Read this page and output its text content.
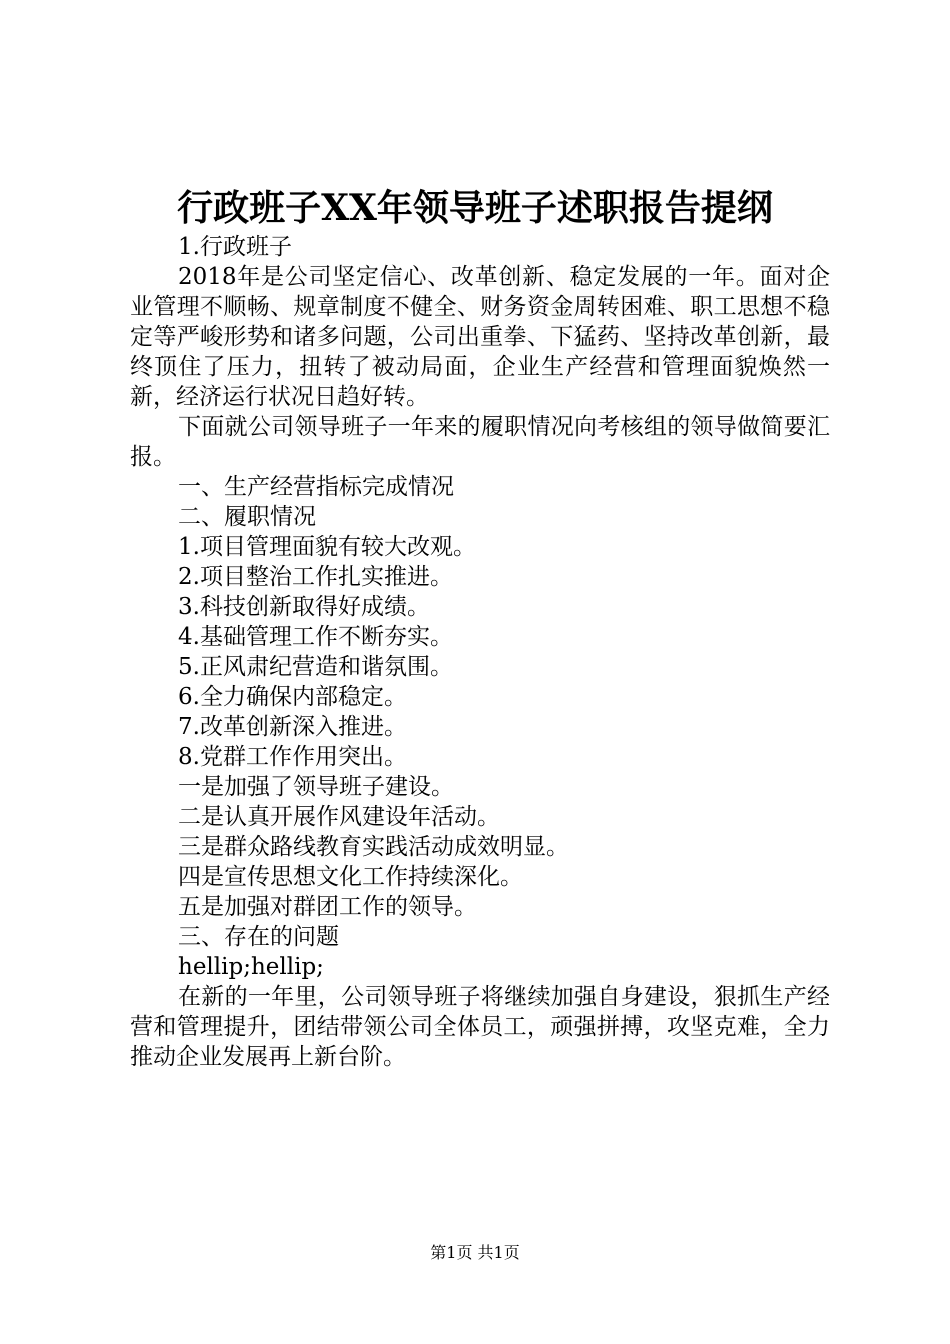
行政班子XX年领导班子述职报告提纲

1.行政班子

2018年是公司坚定信心、改革创新、稳定发展的一年。面对企业管理不顺畅、规章制度不健全、财务资金周转困难、职工思想不稳定等严峻形势和诸多问题，公司出重拳、下猛药、坚持改革创新，最终顶住了压力，扭转了被动局面，企业生产经营和管理面貌焕然一新，经济运行状况日趋好转。

下面就公司领导班子一年来的履职情况向考核组的领导做简要汇报。

一、生产经营指标完成情况

二、履职情况

1.项目管理面貌有较大改观。

2.项目整治工作扎实推进。

3.科技创新取得好成绩。

4.基础管理工作不断夯实。

5.正风肃纪营造和谐氛围。

6.全力确保内部稳定。

7.改革创新深入推进。

8.党群工作作用突出。

一是加强了领导班子建设。

二是认真开展作风建设年活动。

三是群众路线教育实践活动成效明显。

四是宣传思想文化工作持续深化。

五是加强对群团工作的领导。

三、存在的问题

hellip;hellip;

在新的一年里，公司领导班子将继续加强自身建设，狠抓生产经营和管理提升，团结带领公司全体员工，顽强拼搏，攻坚克难，全力推动企业发展再上新台阶。

第1页 共1页
